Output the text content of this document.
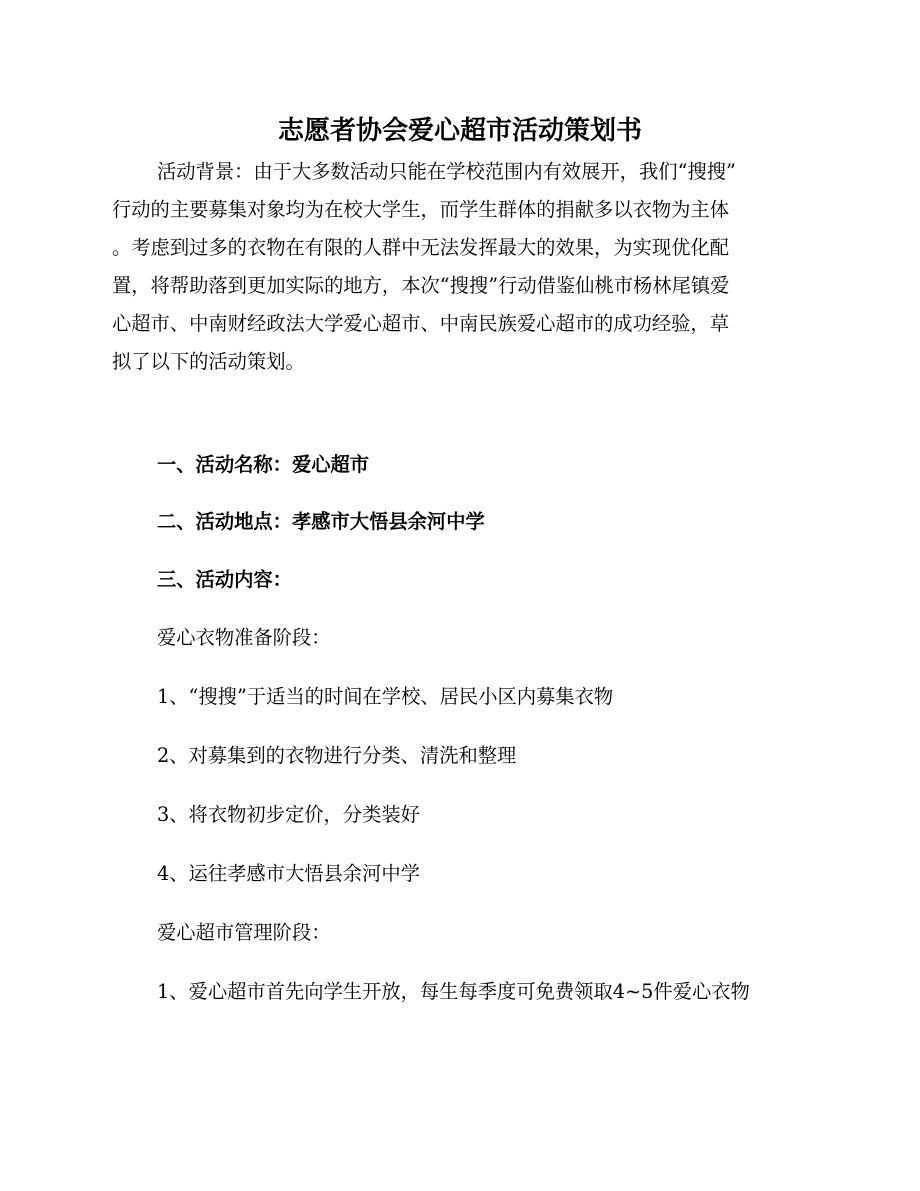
志愿者协会爱心超市活动策划书
活动背景：由于大多数活动只能在学校范围内有效展开，我们“搜搜”
行动的主要募集对象均为在校大学生，而学生群体的捐献多以衣物为主体
。考虑到过多的衣物在有限的人群中无法发挥最大的效果，为实现优化配
置，将帮助落到更加实际的地方，本次“搜搜”行动借鉴仙桃市杨林尾镇爱
心超市、中南财经政法大学爱心超市、中南民族爱心超市的成功经验，草
拟了以下的活动策划。
一、活动名称：爱心超市
二、活动地点：孝感市大悟县余河中学
三、活动内容：
爱心衣物准备阶段：
1、“搜搜”于适当的时间在学校、居民小区内募集衣物
2、对募集到的衣物进行分类、清洗和整理
3、将衣物初步定价，分类装好
4、运往孝感市大悟县余河中学
爱心超市管理阶段：
1、爱心超市首先向学生开放，每生每季度可免费领取4~5件爱心衣物
